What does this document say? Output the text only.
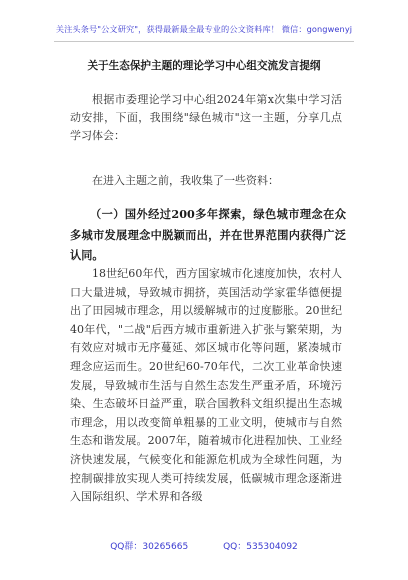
关注头条号"公文研究"，获得最新最全最专业的公文资料库！ 微信：gongwenyj
关于生态保护主题的理论学习中心组交流发言提纲
根据市委理论学习中心组2024年第x次集中学习活动安排，下面，我围绕"绿色城市"这一主题，分享几点学习体会：
在进入主题之前，我收集了一些资料：
（一）国外经过200多年探索，绿色城市理念在众多城市发展理念中脱颖而出，并在世界范围内获得广泛认同。
18世纪60年代，西方国家城市化速度加快，农村人口大量进城，导致城市拥挤，英国活动学家霍华德便提出了田园城市理念，用以缓解城市的过度膨胀。20世纪40年代，"二战"后西方城市重新进入扩张与繁荣期，为有效应对城市无序蔓延、郊区城市化等问题，紧凑城市理念应运而生。20世纪60-70年代，二次工业革命快速发展，导致城市生活与自然生态发生严重矛盾，环境污染、生态破坏日益严重，联合国教科文组织提出生态城市理念，用以改变简单粗暴的工业文明，使城市与自然生态和谐发展。2007年，随着城市化进程加快、工业经济快速发展，气候变化和能源危机成为全球性问题，为控制碳排放实现人类可持续发展，低碳城市理念逐渐进入国际组织、学术界和各级
QQ群：30265665	QQ：535304092
